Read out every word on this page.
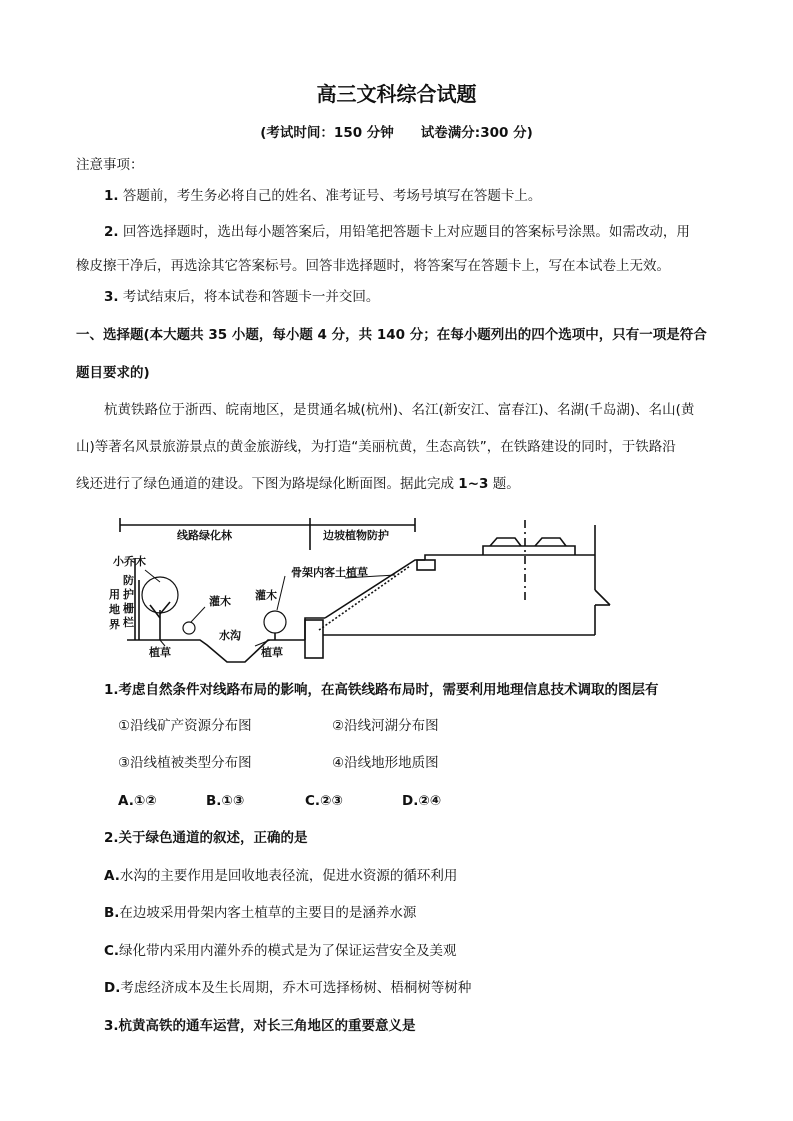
高三文科综合试题
(考试时间：150 分钟　　试卷满分:300 分)
注意事项：
1. 答题前，考生务必将自己的姓名、准考证号、考场号填写在答题卡上。
2. 回答选择题时，选出每小题答案后，用铅笔把答题卡上对应题目的答案标号涂黑。如需改动，用
橡皮擦干净后，再选涂其它答案标号。回答非选择题时，将答案写在答题卡上，写在本试卷上无效。
3. 考试结束后，将本试卷和答题卡一并交回。
一、选择题(本大题共 35 小题，每小题 4 分，共 140 分；在每小题列出的四个选项中，只有一项是符合
题目要求的)
杭黄铁路位于浙西、皖南地区，是贯通名城(杭州)、名江(新安江、富春江)、名湖(千岛湖)、名山(黄
山)等著名风景旅游景点的黄金旅游线，为打造“美丽杭黄，生态高铁”，在铁路建设的同时，于铁路沿
线还进行了绿色通道的建设。下图为路堤绿化断面图。据此完成 1~3 题。
线路绿化林	边坡植物防护
小乔木
防
护
栅
栏
用
地
界
灌木 灌木
水沟
植草	植草
骨架内客土植草
1.考虑自然条件对线路布局的影响，在高铁线路布局时，需要利用地理信息技术调取的图层有
①沿线矿产资源分布图	②沿线河湖分布图
③沿线植被类型分布图	④沿线地形地质图
A.①②	B.①③	C.②③	D.②④
2.关于绿色通道的叙述，正确的是
A.水沟的主要作用是回收地表径流，促进水资源的循环利用
B.在边坡采用骨架内客土植草的主要目的是涵养水源
C.绿化带内采用内灌外乔的模式是为了保证运营安全及美观
D.考虑经济成本及生长周期，乔木可选择杨树、梧桐树等树种
3.杭黄高铁的通车运营，对长三角地区的重要意义是
